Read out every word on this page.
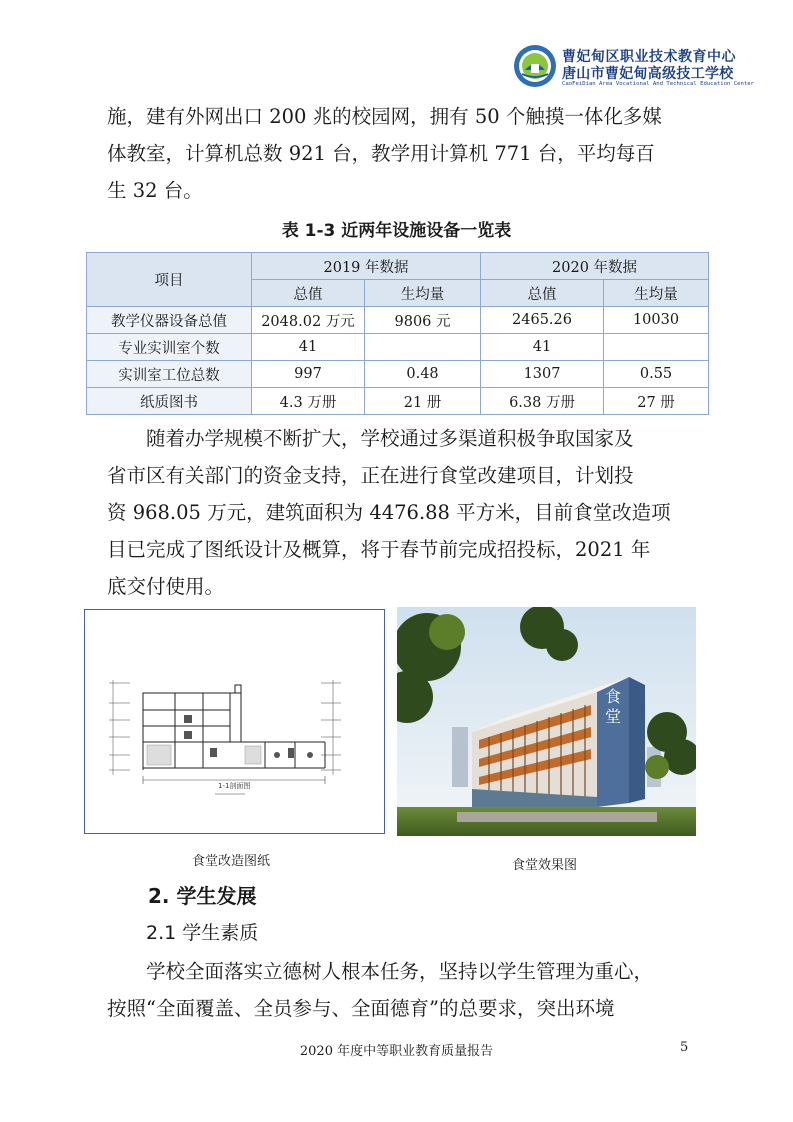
曹妃甸区职业技术教育中心
唐山市曹妃甸高级技工学校
CaoFeiDian Area Vocational And Technical Education Center
施，建有外网出口 200 兆的校园网，拥有 50 个触摸一体化多媒
体教室，计算机总数 921 台，教学用计算机 771 台，平均每百
生 32 台。
表 1-3 近两年设施设备一览表
项目	2019 年数据		2020 年数据	
	总值	生均量	总值	生均量
教学仪器设备总值	2048.02 万元	9806 元	2465.26	10030
专业实训室个数	41		41	
实训室工位总数	997	0.48	1307	0.55
纸质图书	4.3 万册	21 册	6.38 万册	27 册
随着办学规模不断扩大，学校通过多渠道积极争取国家及
省市区有关部门的资金支持，正在进行食堂改建项目，计划投
资 968.05 万元，建筑面积为 4476.88 平方米，目前食堂改造项
目已完成了图纸设计及概算，将于春节前完成招投标，2021 年
底交付使用。
1-1剖面图
食堂
食堂改造图纸	食堂效果图
2. 学生发展
2.1 学生素质
学校全面落实立德树人根本任务，坚持以学生管理为重心，
按照“全面覆盖、全员参与、全面德育”的总要求，突出环境
2020 年度中等职业教育质量报告	5
